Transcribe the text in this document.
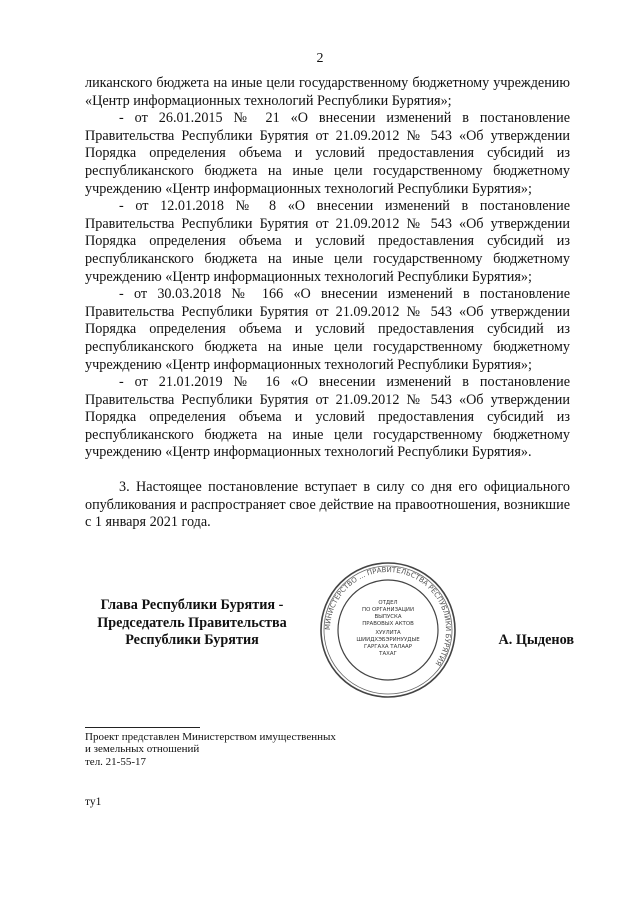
2

ликанского бюджета на иные цели государственному бюджетному учреждению «Центр информационных технологий Республики Бурятия»;

- от 26.01.2015 № 21 «О внесении изменений в постановление Правительства Республики Бурятия от 21.09.2012 № 543 «Об утверждении Порядка определения объема и условий предоставления субсидий из республиканского бюджета на иные цели государственному бюджетному учреждению «Центр информационных технологий Республики Бурятия»;

- от 12.01.2018 № 8 «О внесении изменений в постановление Правительства Республики Бурятия от 21.09.2012 № 543 «Об утверждении Порядка определения объема и условий предоставления субсидий из республиканского бюджета на иные цели государственному бюджетному учреждению «Центр информационных технологий Республики Бурятия»;

- от 30.03.2018 № 166 «О внесении изменений в постановление Правительства Республики Бурятия от 21.09.2012 № 543 «Об утверждении Порядка определения объема и условий предоставления субсидий из республиканского бюджета на иные цели государственному бюджетному учреждению «Центр информационных технологий Республики Бурятия»;

- от 21.01.2019 № 16 «О внесении изменений в постановление Правительства Республики Бурятия от 21.09.2012 № 543 «Об утверждении Порядка определения объема и условий предоставления субсидий из республиканского бюджета на иные цели государственному бюджетному учреждению «Центр информационных технологий Республики Бурятия».

3. Настоящее постановление вступает в силу со дня его официального опубликования и распространяет свое действие на правоотношения, возникшие с 1 января 2021 года.

Глава Республики Бурятия -
Председатель Правительства
Республики Бурятия
МИНИСТЕРСТВО ... ПРАВИТЕЛЬСТВА РЕСПУБЛИКИ БУРЯТИЯ
ОТДЕЛ
ПО ОРГАНИЗАЦИИ
ВЫПУСКА
ПРАВОВЫХ АКТОВ
ХУУЛИТА
ШИИДХЭБЭРИНУУДЫЕ
ГАРГАХА ТАЛААР
ТАХАГ
А. Цыденов
Проект представлен Министерством имущественных
и земельных отношений
тел. 21-55-17
ту1
